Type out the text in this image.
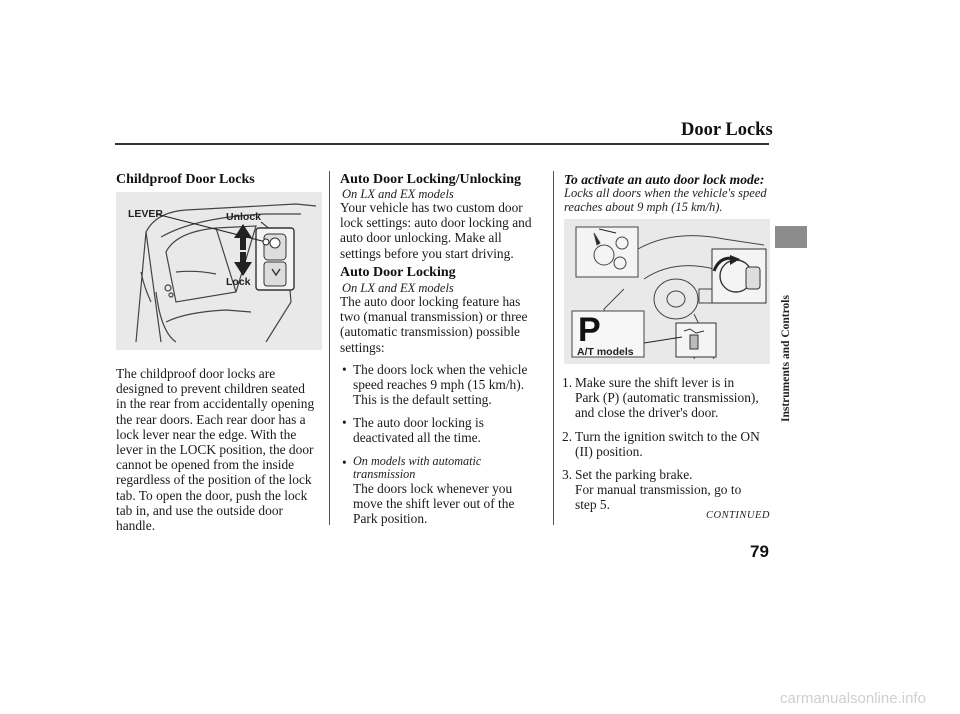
Door Locks
Childproof Door Locks
LEVER	Unlock
Lock

The childproof door locks are

designed to prevent children seated

in the rear from accidentally opening

the rear doors. Each rear door has a

lock lever near the edge. With the

lever in the LOCK position, the door

cannot be opened from the inside

regardless of the position of the lock

tab. To open the door, push the lock

tab in, and use the outside door

handle.

Auto Door Locking/Unlocking
On LX and EX models

Your vehicle has two custom door

lock settings: auto door locking and

auto door unlocking. Make all

settings before you start driving.

Auto Door Locking
On LX and EX models

The auto door locking feature has

two (manual transmission) or three

(automatic transmission) possible

settings:

• The doors lock when the vehicle

speed reaches 9 mph (15 km/h).

This is the default setting.

• The auto door locking is

deactivated all the time.

• On models with automatic

transmission

The doors lock whenever you

move the shift lever out of the

Park position.

To activate an auto door lock mode:
Locks all doors when the vehicle's speed
reaches about 9 mph (15 km/h).
P
A/T models
1. Make sure the shift lever is in

Park (P) (automatic transmission),

and close the driver's door.

2. Turn the ignition switch to the ON

(II) position.

3. Set the parking brake.

For manual transmission, go to

step 5.

CONTINUED
Instruments and Controls
79
carmanualsonline.info
